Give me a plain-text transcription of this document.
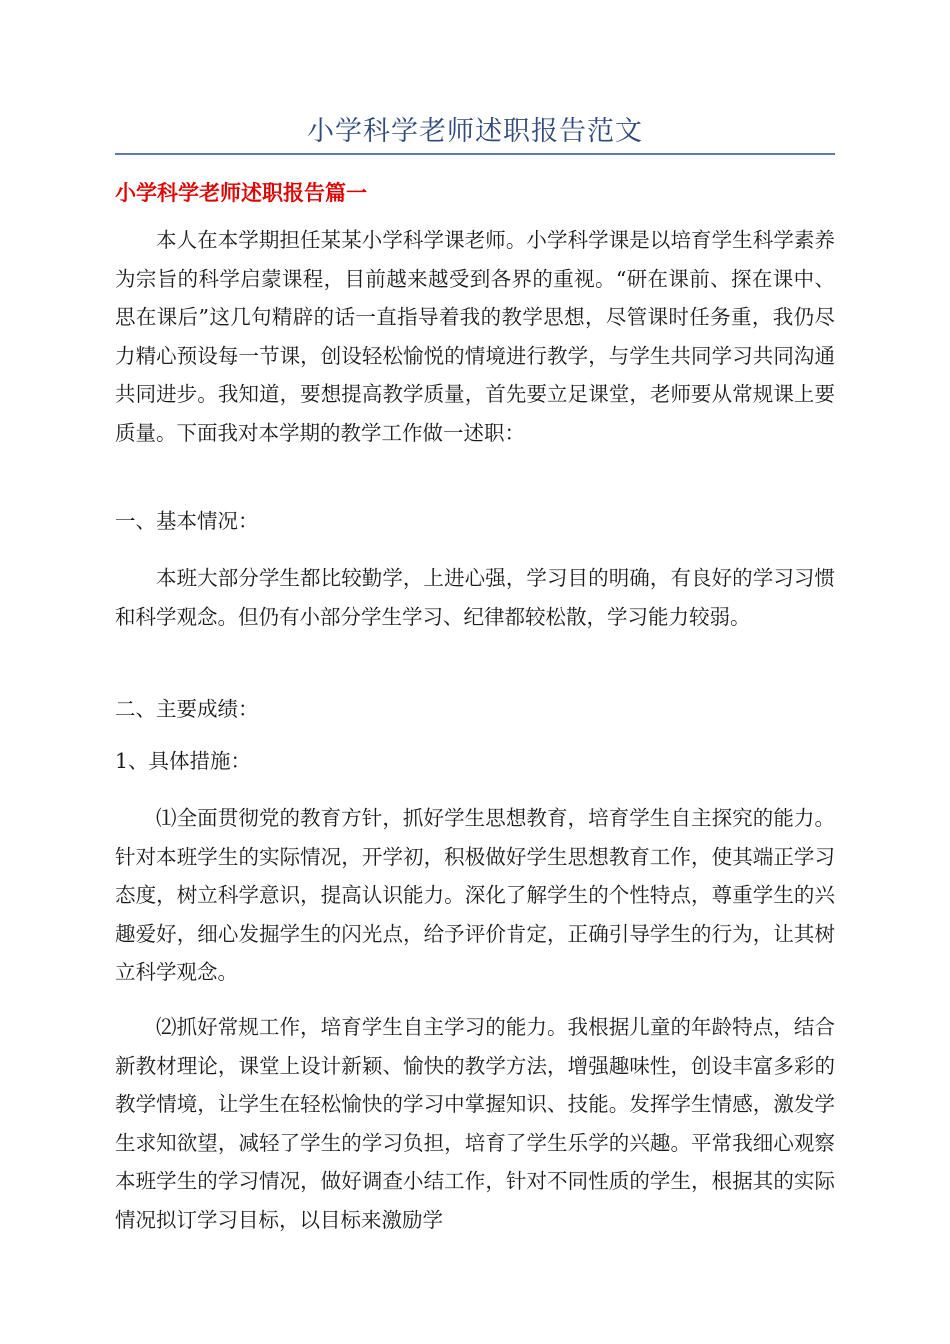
小学科学老师述职报告范文
小学科学老师述职报告篇一

本人在本学期担任某某小学科学课老师。小学科学课是以培育学生科学素养为宗旨的科学启蒙课程，目前越来越受到各界的重视。“研在课前、探在课中、思在课后”这几句精辟的话一直指导着我的教学思想，尽管课时任务重，我仍尽力精心预设每一节课，创设轻松愉悦的情境进行教学，与学生共同学习共同沟通共同进步。我知道，要想提高教学质量，首先要立足课堂，老师要从常规课上要质量。下面我对本学期的教学工作做一述职：

一、基本情况：

本班大部分学生都比较勤学，上进心强，学习目的明确，有良好的学习习惯和科学观念。但仍有小部分学生学习、纪律都较松散，学习能力较弱。

二、主要成绩：

1、具体措施：

⑴全面贯彻党的教育方针，抓好学生思想教育，培育学生自主探究的能力。针对本班学生的实际情况，开学初，积极做好学生思想教育工作，使其端正学习态度，树立科学意识，提高认识能力。深化了解学生的个性特点，尊重学生的兴趣爱好，细心发掘学生的闪光点，给予评价肯定，正确引导学生的行为，让其树立科学观念。

⑵抓好常规工作，培育学生自主学习的能力。我根据儿童的年龄特点，结合新教材理论，课堂上设计新颖、愉快的教学方法，增强趣味性，创设丰富多彩的教学情境，让学生在轻松愉快的学习中掌握知识、技能。发挥学生情感，激发学生求知欲望，减轻了学生的学习负担，培育了学生乐学的兴趣。平常我细心观察本班学生的学习情况，做好调查小结工作，针对不同性质的学生，根据其的实际情况拟订学习目标，以目标来激励学
